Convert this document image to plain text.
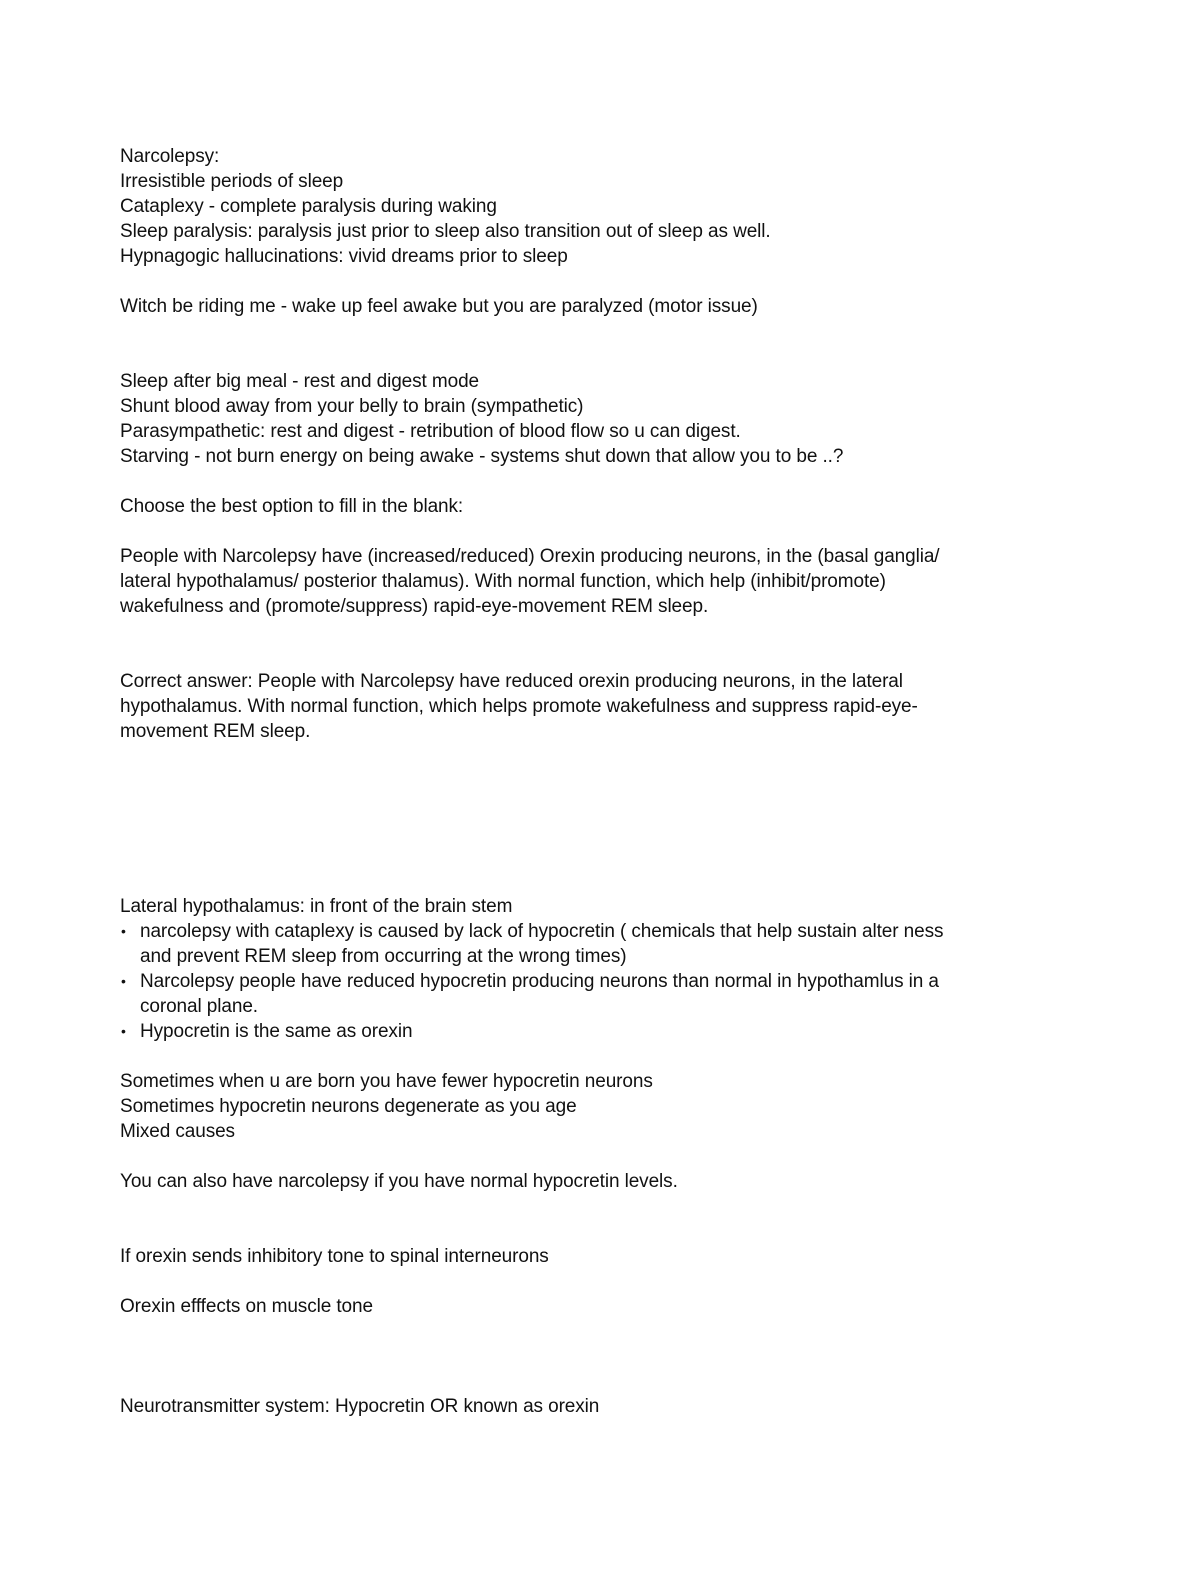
Narcolepsy:

Irresistible periods of sleep

Cataplexy - complete paralysis during waking

Sleep paralysis: paralysis just prior to sleep also transition out of sleep as well.

Hypnagogic hallucinations: vivid dreams prior to sleep

Witch be riding me - wake up feel awake but you are paralyzed (motor issue)

Sleep after big meal - rest and digest mode

Shunt blood away from your belly to brain (sympathetic)

Parasympathetic: rest and digest - retribution of blood flow so u can digest.

Starving - not burn energy on being awake - systems shut down that allow you to be ..?

Choose the best option to fill in the blank:

People with Narcolepsy have (increased/reduced) Orexin producing neurons, in the (basal ganglia/

lateral hypothalamus/ posterior thalamus). With normal function, which help (inhibit/promote)

wakefulness and (promote/suppress) rapid-eye-movement REM sleep.

Correct answer: People with Narcolepsy have reduced orexin producing neurons, in the lateral

hypothalamus. With normal function, which helps promote wakefulness and suppress rapid-eye-

movement REM sleep.

Lateral hypothalamus: in front of the brain stem

• narcolepsy with cataplexy is caused by lack of hypocretin ( chemicals that help sustain alter ness
and prevent REM sleep from occurring at the wrong times)
• Narcolepsy people have reduced hypocretin producing neurons than normal in hypothamlus in a
coronal plane.
• Hypocretin is the same as orexin

Sometimes when u are born you have fewer hypocretin neurons

Sometimes hypocretin neurons degenerate as you age

Mixed causes

You can also have narcolepsy if you have normal hypocretin levels.

If orexin sends inhibitory tone to spinal interneurons

Orexin efffects on muscle tone

Neurotransmitter system: Hypocretin OR known as orexin
